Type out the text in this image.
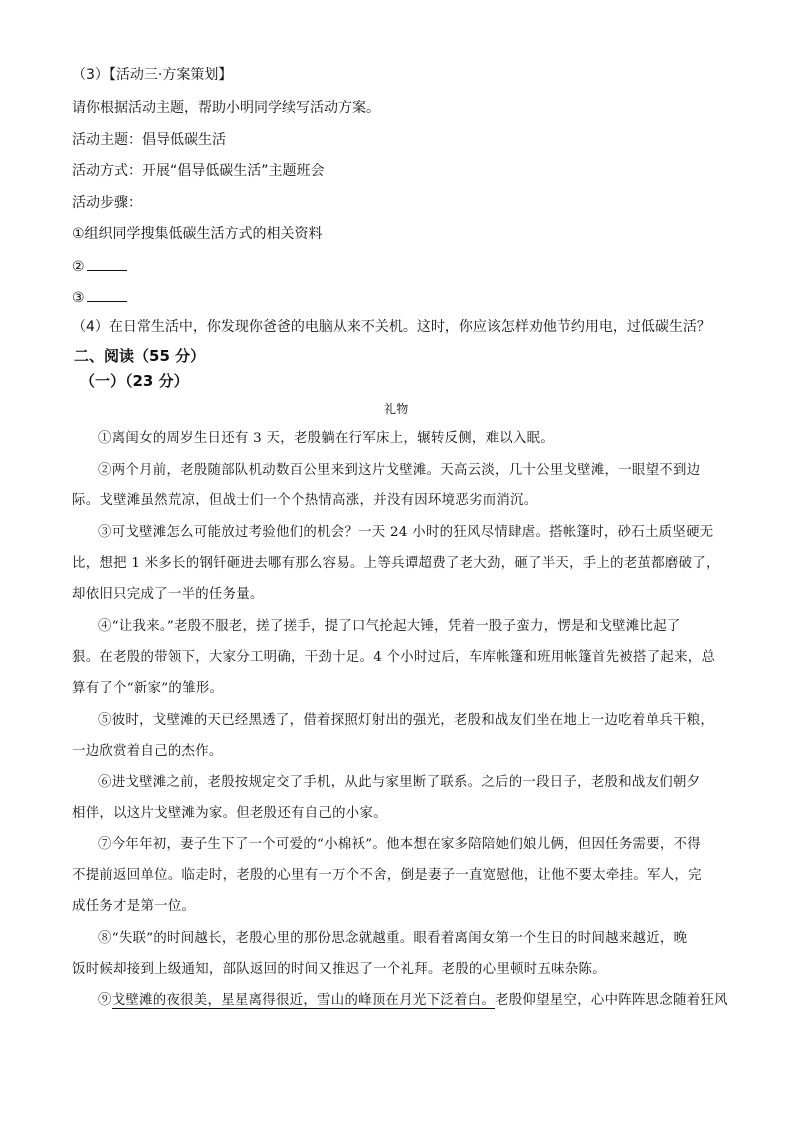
（3）【活动三·方案策划】
请你根据活动主题，帮助小明同学续写活动方案。
活动主题：倡导低碳生活
活动方式：开展“倡导低碳生活”主题班会
活动步骤：
①组织同学搜集低碳生活方式的相关资料
②
③
（4）在日常生活中，你发现你爸爸的电脑从来不关机。这时，你应该怎样劝他节约用电，过低碳生活？
二、阅读（55 分）
（一）（23 分）
礼物
①离闺女的周岁生日还有 3 天，老殷躺在行军床上，辗转反侧，难以入眠。
②两个月前，老殷随部队机动数百公里来到这片戈壁滩。天高云淡，几十公里戈壁滩，一眼望不到边
际。戈壁滩虽然荒凉，但战士们一个个热情高涨，并没有因环境恶劣而消沉。
③可戈壁滩怎么可能放过考验他们的机会？一天 24 小时的狂风尽情肆虐。搭帐篷时，砂石土质坚硬无
比，想把 1 米多长的钢钎砸进去哪有那么容易。上等兵谭超费了老大劲，砸了半天，手上的老茧都磨破了，
却依旧只完成了一半的任务量。
④“让我来。”老殷不服老，搓了搓手，提了口气抡起大锤，凭着一股子蛮力，愣是和戈壁滩比起了
狠。在老殷的带领下，大家分工明确，干劲十足。4 个小时过后，车库帐篷和班用帐篷首先被搭了起来，总
算有了个“新家”的雏形。
⑤彼时，戈壁滩的天已经黑透了，借着探照灯射出的强光，老殷和战友们坐在地上一边吃着单兵干粮，
一边欣赏着自己的杰作。
⑥进戈壁滩之前，老殷按规定交了手机，从此与家里断了联系。之后的一段日子，老殷和战友们朝夕
相伴，以这片戈壁滩为家。但老殷还有自己的小家。
⑦今年年初，妻子生下了一个可爱的“小棉袄”。他本想在家多陪陪她们娘儿俩，但因任务需要，不得
不提前返回单位。临走时，老殷的心里有一万个不舍，倒是妻子一直宽慰他，让他不要太牵挂。军人，完
成任务才是第一位。
⑧“失联”的时间越长，老殷心里的那份思念就越重。眼看着离闺女第一个生日的时间越来越近，晚
饭时候却接到上级通知，部队返回的时间又推迟了一个礼拜。老殷的心里顿时五味杂陈。
⑨戈壁滩的夜很美，星星离得很近，雪山的峰顶在月光下泛着白。老殷仰望星空，心中阵阵思念随着狂风
